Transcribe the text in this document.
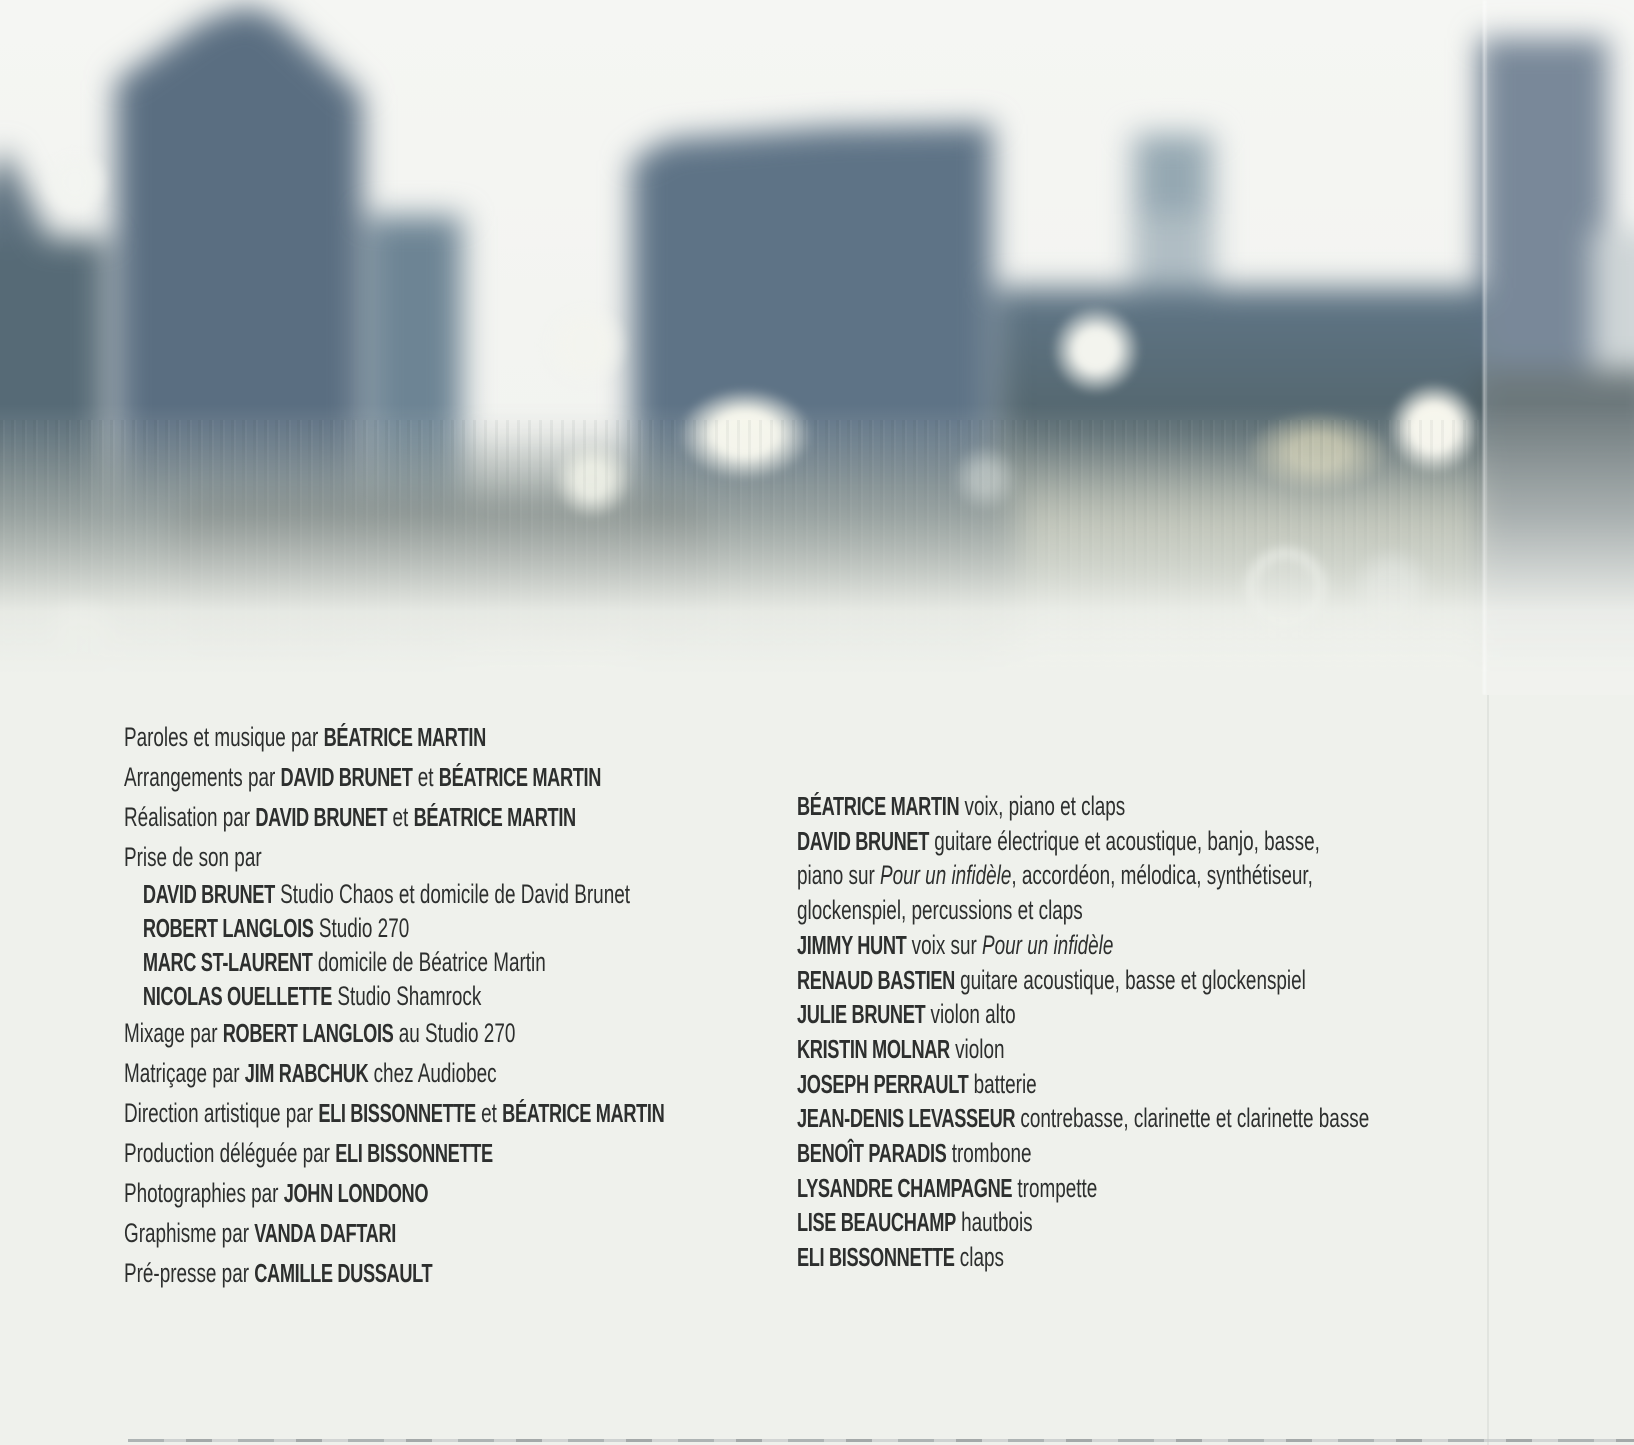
Paroles et musique par BÉATRICE MARTIN
Arrangements par DAVID BRUNET et BÉATRICE MARTIN
Réalisation par DAVID BRUNET et BÉATRICE MARTIN
Prise de son par
DAVID BRUNET Studio Chaos et domicile de David Brunet
ROBERT LANGLOIS Studio 270
MARC ST-LAURENT domicile de Béatrice Martin
NICOLAS OUELLETTE Studio Shamrock
Mixage par ROBERT LANGLOIS au Studio 270
Matriçage par JIM RABCHUK chez Audiobec
Direction artistique par ELI BISSONNETTE et BÉATRICE MARTIN
Production déléguée par ELI BISSONNETTE
Photographies par JOHN LONDONO
Graphisme par VANDA DAFTARI
Pré-presse par CAMILLE DUSSAULT
BÉATRICE MARTIN voix, piano et claps
DAVID BRUNET guitare électrique et acoustique, banjo, basse,
piano sur Pour un infidèle, accordéon, mélodica, synthétiseur,
glockenspiel, percussions et claps
JIMMY HUNT voix sur Pour un infidèle
RENAUD BASTIEN guitare acoustique, basse et glockenspiel
JULIE BRUNET violon alto
KRISTIN MOLNAR violon
JOSEPH PERRAULT batterie
JEAN-DENIS LEVASSEUR contrebasse, clarinette et clarinette basse
BENOÎT PARADIS trombone
LYSANDRE CHAMPAGNE trompette
LISE BEAUCHAMP hautbois
ELI BISSONNETTE claps
